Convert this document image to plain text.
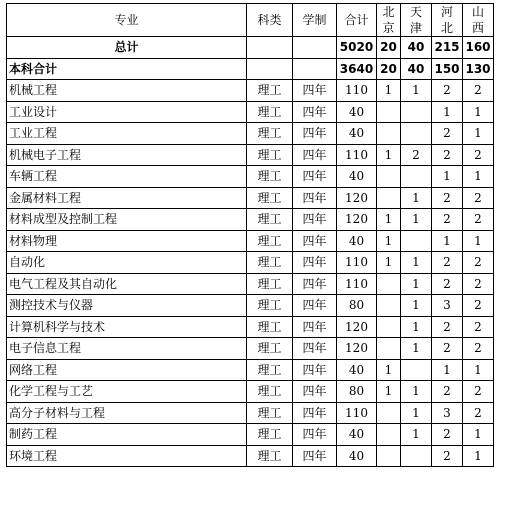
专业	科类	学制	合计	北京	天津	河北	山西
总计			5020	20	40	215	160
本科合计			3640	20	40	150	130
机械工程	理工	四年	110	1	1	2	2
工业设计	理工	四年	40			1	1
工业工程	理工	四年	40			2	1
机械电子工程	理工	四年	110	1	2	2	2
车辆工程	理工	四年	40			1	1
金属材料工程	理工	四年	120		1	2	2
材料成型及控制工程	理工	四年	120	1	1	2	2
材料物理	理工	四年	40	1		1	1
自动化	理工	四年	110	1	1	2	2
电气工程及其自动化	理工	四年	110		1	2	2
测控技术与仪器	理工	四年	80		1	3	2
计算机科学与技术	理工	四年	120		1	2	2
电子信息工程	理工	四年	120		1	2	2
网络工程	理工	四年	40	1		1	1
化学工程与工艺	理工	四年	80	1	1	2	2
高分子材料与工程	理工	四年	110		1	3	2
制药工程	理工	四年	40		1	2	1
环境工程	理工	四年	40			2	1
